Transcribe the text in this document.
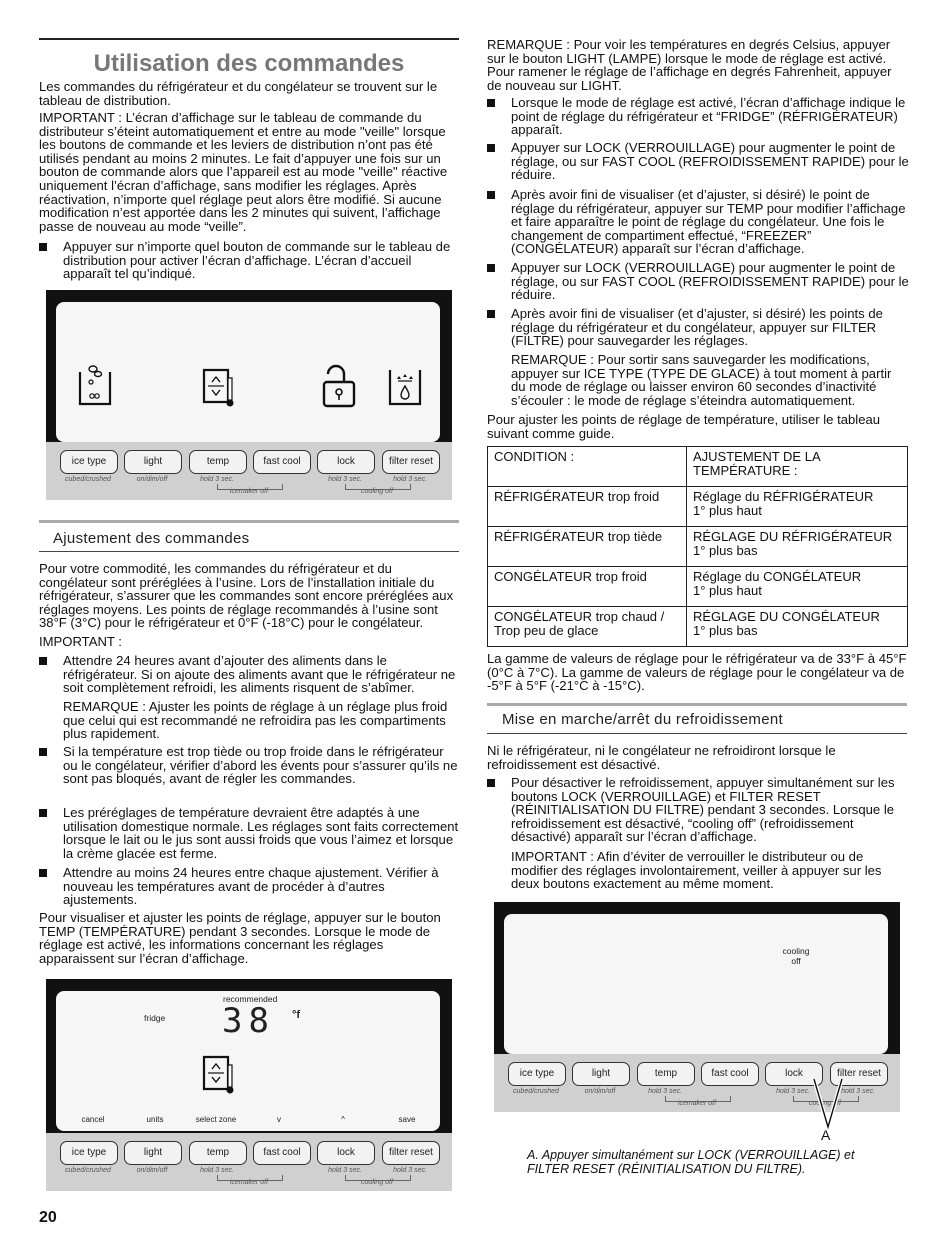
Utilisation des commandes

Les commandes du réfrigérateur et du congélateur se trouvent sur le tableau de distribution.

IMPORTANT : L’écran d’affichage sur le tableau de commande du distributeur s’éteint automatiquement et entre au mode "veille" lorsque les boutons de commande et les leviers de distribution n’ont pas été utilisés pendant au moins 2 minutes. Le fait d’appuyer une fois sur un bouton de commande alors que l’appareil est au mode "veille" réactive uniquement l’écran d’affichage, sans modifier les réglages. Après réactivation, n’importe quel réglage peut alors être modifié. Si aucune modification n’est apportée dans les 2 minutes qui suivent, l’affichage passe de nouveau au mode “veille”.

Appuyer sur n’importe quel bouton de commande sur le tableau de distribution pour activer l’écran d’affichage. L’écran d’accueil apparaît tel qu’indiqué.

ice type	light	temp	fast cool	lock	filter reset
cubed/crushed	on/dim/off	hold 3 sec.	hold 3 sec.	hold 3 sec.
icemaker off	cooling off
Ajustement des commandes

Pour votre commodité, les commandes du réfrigérateur et du congélateur sont préréglées à l’usine. Lors de l’installation initiale du réfrigérateur, s’assurer que les commandes sont encore préréglées aux réglages moyens. Les points de réglage recommandés à l’usine sont 38°F (3°C) pour le réfrigérateur et 0°F (-18°C) pour le congélateur.

IMPORTANT :

Attendre 24 heures avant d’ajouter des aliments dans le réfrigérateur. Si on ajoute des aliments avant que le réfrigérateur ne soit complètement refroidi, les aliments risquent de s’abîmer.

REMARQUE : Ajuster les points de réglage à un réglage plus froid que celui qui est recommandé ne refroidira pas les compartiments plus rapidement.

Si la température est trop tiède ou trop froide dans le réfrigérateur ou le congélateur, vérifier d’abord les évents pour s’assurer qu’ils ne sont pas bloqués, avant de régler les commandes.

Les préréglages de température devraient être adaptés à une utilisation domestique normale. Les réglages sont faits correctement lorsque le lait ou le jus sont aussi froids que vous l’aimez et lorsque la crème glacée est ferme.

Attendre au moins 24 heures entre chaque ajustement. Vérifier à nouveau les températures avant de procéder à d’autres ajustements.

Pour visualiser et ajuster les points de réglage, appuyer sur le bouton TEMP (TEMPÉRATURE) pendant 3 secondes. Lorsque le mode de réglage est activé, les informations concernant les réglages apparaissent sur l’écran d’affichage.

recommended
fridge 38 °f
cancel	units	select zone	v	^	save
ice type	light	temp	fast cool	lock	filter reset
cubed/crushed	on/dim/off	hold 3 sec.	hold 3 sec.	hold 3 sec.
icemaker off	cooling off
20

REMARQUE : Pour voir les températures en degrés Celsius, appuyer sur le bouton LIGHT (LAMPE) lorsque le mode de réglage est activé. Pour ramener le réglage de l’affichage en degrés Fahrenheit, appuyer de nouveau sur LIGHT.

Lorsque le mode de réglage est activé, l’écran d’affichage indique le point de réglage du réfrigérateur et “FRIDGE” (RÉFRIGÉRATEUR) apparaît.

Appuyer sur LOCK (VERROUILLAGE) pour augmenter le point de réglage, ou sur FAST COOL (REFROIDISSEMENT RAPIDE) pour le réduire.

Après avoir fini de visualiser (et d’ajuster, si désiré) le point de réglage du réfrigérateur, appuyer sur TEMP pour modifier l’affichage et faire apparaître le point de réglage du congélateur. Une fois le changement de compartiment effectué, “FREEZER” (CONGÉLATEUR) apparaît sur l’écran d’affichage.

Appuyer sur LOCK (VERROUILLAGE) pour augmenter le point de réglage, ou sur FAST COOL (REFROIDISSEMENT RAPIDE) pour le réduire.

Après avoir fini de visualiser (et d’ajuster, si désiré) les points de réglage du réfrigérateur et du congélateur, appuyer sur FILTER (FILTRE) pour sauvegarder les réglages.

REMARQUE : Pour sortir sans sauvegarder les modifications, appuyer sur ICE TYPE (TYPE DE GLACE) à tout moment à partir du mode de réglage ou laisser environ 60 secondes d’inactivité s’écouler : le mode de réglage s’éteindra automatiquement.

Pour ajuster les points de réglage de température, utiliser le tableau suivant comme guide.

CONDITION :	AJUSTEMENT DE LA TEMPÉRATURE :
RÉFRIGÉRATEUR trop froid	Réglage du RÉFRIGÉRATEUR
1° plus haut
RÉFRIGÉRATEUR trop tiède	RÉGLAGE DU RÉFRIGÉRATEUR
1° plus bas
CONGÉLATEUR trop froid	Réglage du CONGÉLATEUR
1° plus haut
CONGÉLATEUR trop chaud /
Trop peu de glace	RÉGLAGE DU CONGÉLATEUR
1° plus bas

La gamme de valeurs de réglage pour le réfrigérateur va de 33°F à 45°F (0°C à 7°C). La gamme de valeurs de réglage pour le congélateur va de -5°F à 5°F (-21°C à -15°C).

Mise en marche/arrêt du refroidissement

Ni le réfrigérateur, ni le congélateur ne refroidiront lorsque le refroidissement est désactivé.

Pour désactiver le refroidissement, appuyer simultanément sur les boutons LOCK (VERROUILLAGE) et FILTER RESET (RÉINITIALISATION DU FILTRE) pendant 3 secondes. Lorsque le refroidissement est désactivé, “cooling off” (refroidissement désactivé) apparaît sur l’écran d’affichage.

IMPORTANT : Afin d’éviter de verrouiller le distributeur ou de modifier des réglages involontairement, veiller à appuyer sur les deux boutons exactement au même moment.

cooling
off
ice type	light	temp	fast cool	lock	filter reset
cubed/crushed	on/dim/off	hold 3 sec.	hold 3 sec.	hold 3 sec.
icemaker off	cooling off
A
A. Appuyer simultanément sur LOCK (VERROUILLAGE) et
FILTER RESET (RÉINITIALISATION DU FILTRE).
